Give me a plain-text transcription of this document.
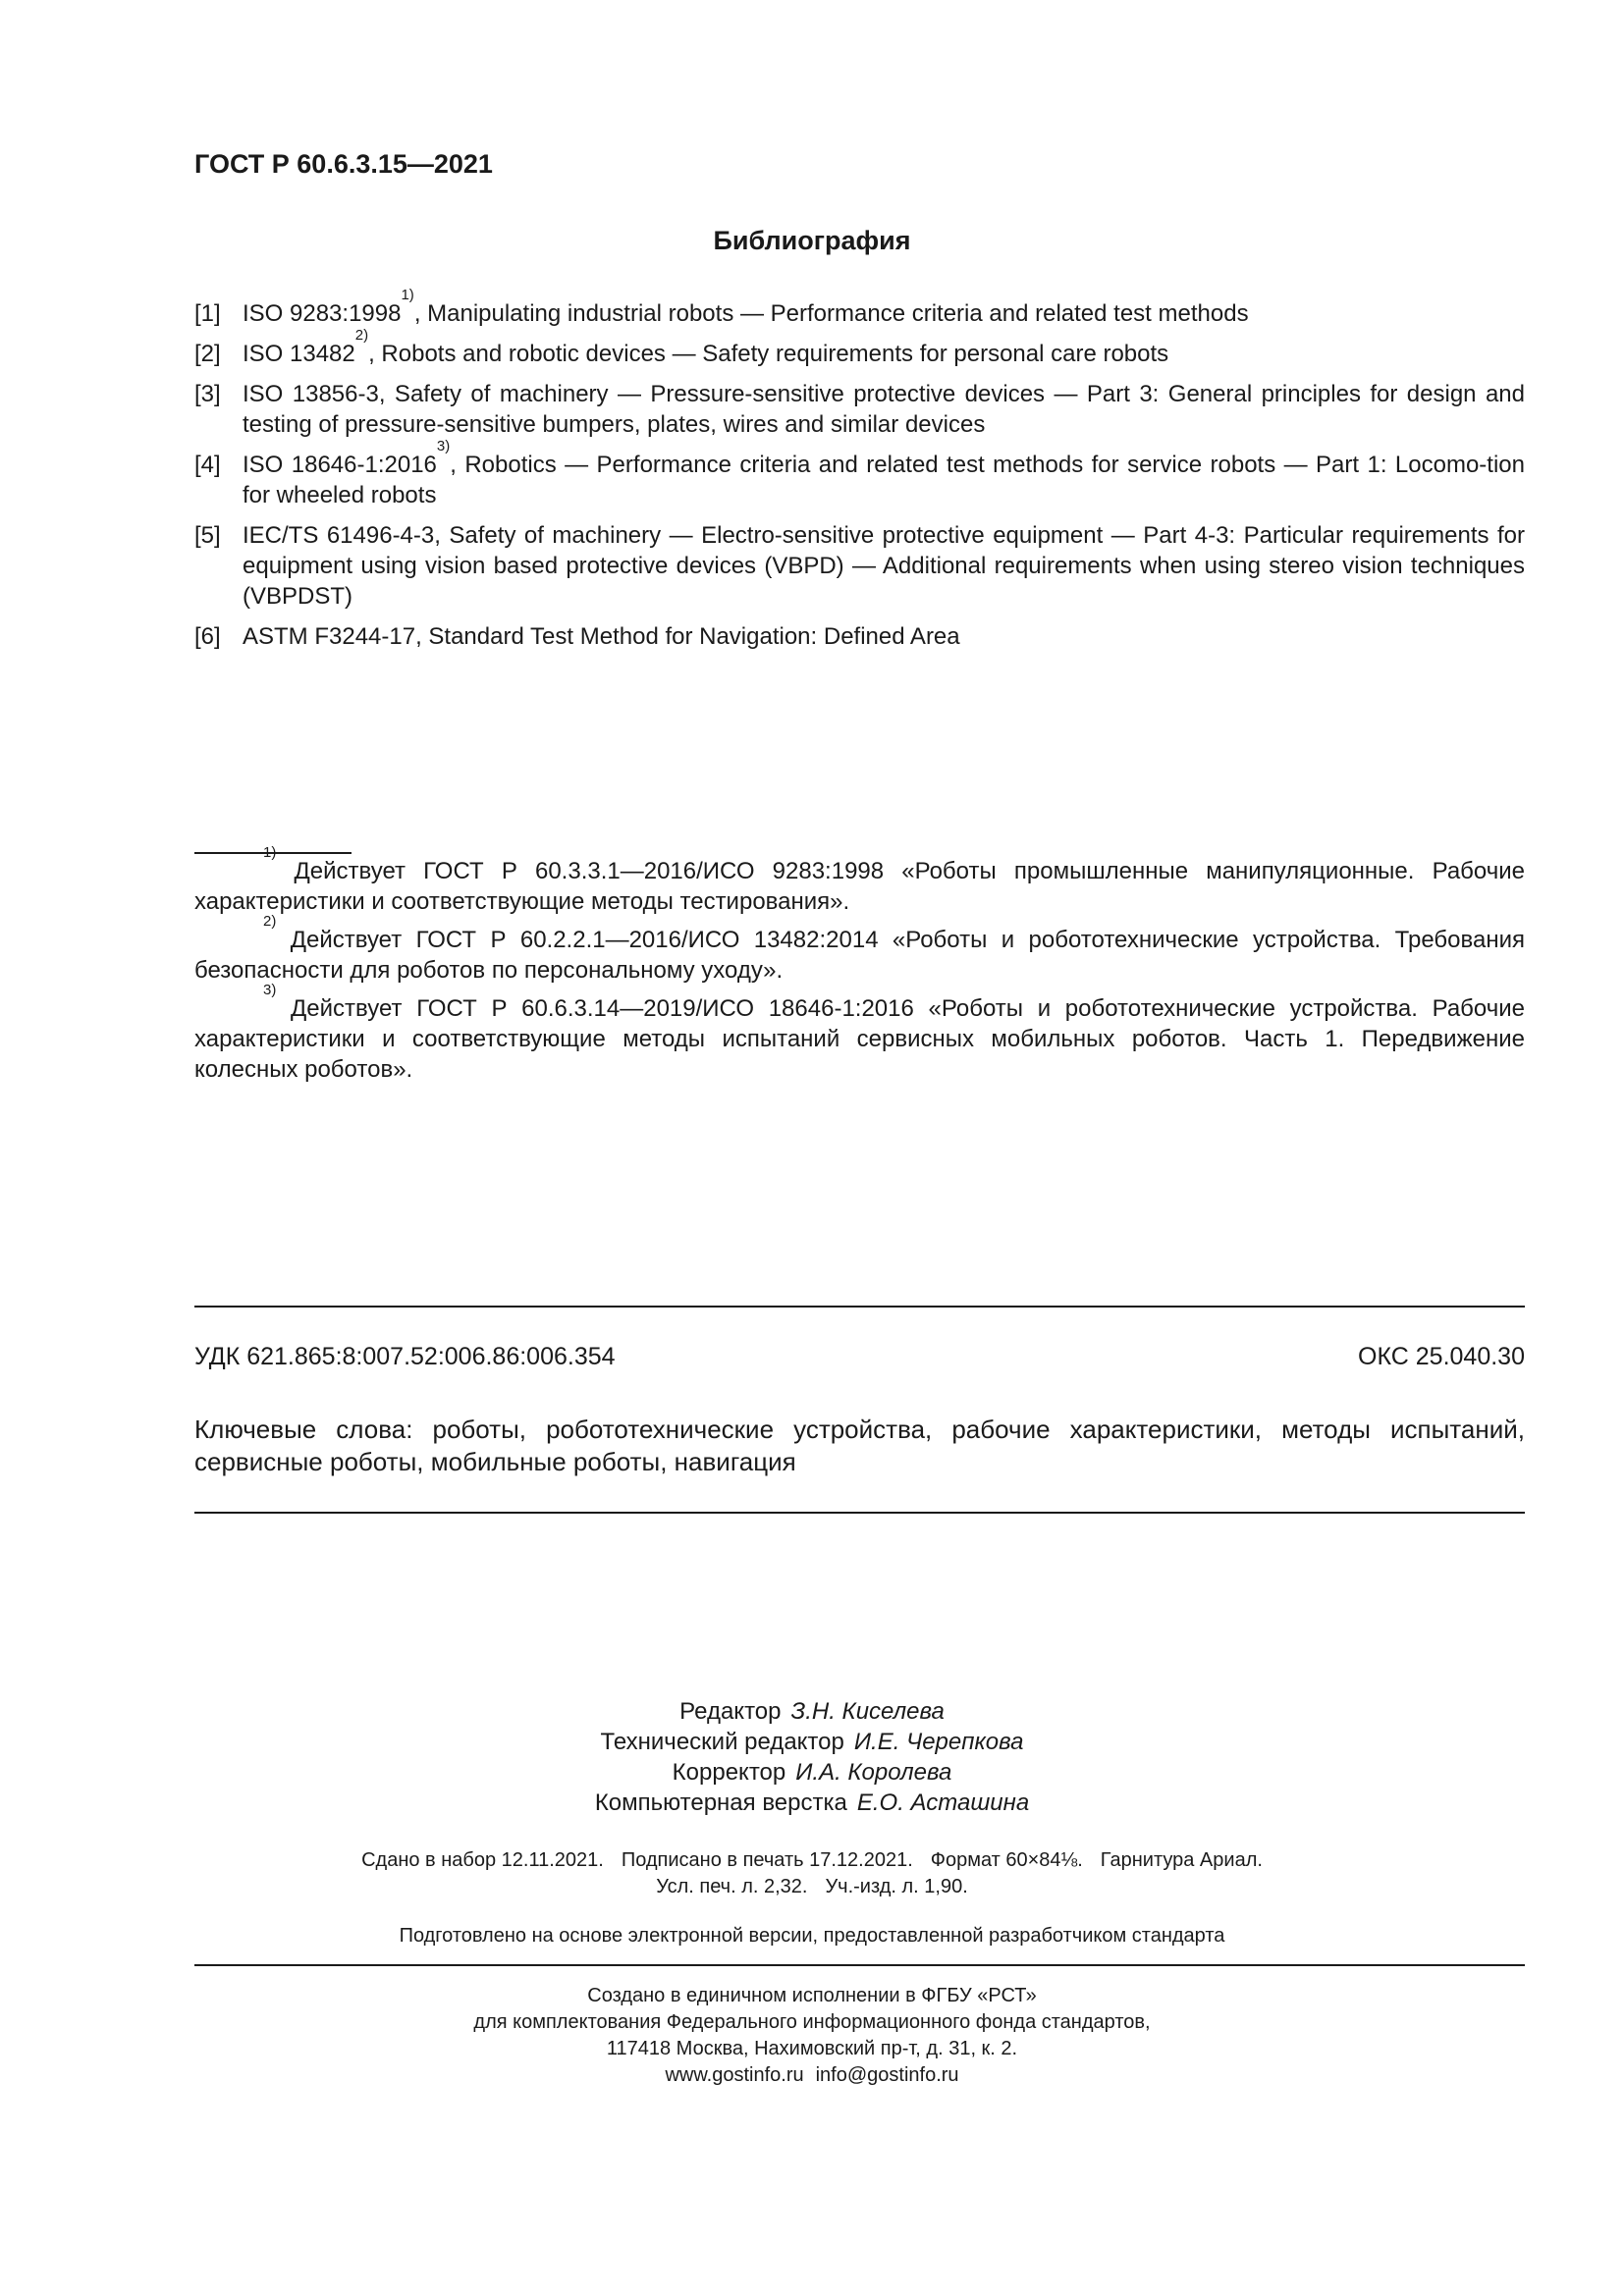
ГОСТ Р 60.6.3.15—2021
Библиография
[1] ISO 9283:1998$^{1)}$, Manipulating industrial robots — Performance criteria and related test methods
[2] ISO 13482$^{2)}$, Robots and robotic devices — Safety requirements for personal care robots
[3] ISO 13856-3, Safety of machinery — Pressure-sensitive protective devices — Part 3: General principles for design and testing of pressure-sensitive bumpers, plates, wires and similar devices
[4] ISO 18646-1:2016$^{3)}$, Robotics — Performance criteria and related test methods for service robots — Part 1: Locomo-tion for wheeled robots
[5] IEC/TS 61496-4-3, Safety of machinery — Electro-sensitive protective equipment — Part 4-3: Particular requirements for equipment using vision based protective devices (VBPD) — Additional requirements when using stereo vision techniques (VBPDST)
[6] ASTM F3244-17, Standard Test Method for Navigation: Defined Area
$^{1)}$ Действует ГОСТ Р 60.3.3.1—2016/ИСО 9283:1998 «Роботы промышленные манипуляционные. Рабочие характеристики и соответствующие методы тестирования».
$^{2)}$ Действует ГОСТ Р 60.2.2.1—2016/ИСО 13482:2014 «Роботы и робототехнические устройства. Требования безопасности для роботов по персональному уходу».
$^{3)}$ Действует ГОСТ Р 60.6.3.14—2019/ИСО 18646-1:2016 «Роботы и робототехнические устройства. Рабочие характеристики и соответствующие методы испытаний сервисных мобильных роботов. Часть 1. Передвижение колесных роботов».
УДК 621.865:8:007.52:006.86:006.354	ОКС 25.040.30
Ключевые слова: роботы, робототехнические устройства, рабочие характеристики, методы испытаний, сервисные роботы, мобильные роботы, навигация
Редактор З.Н. Киселева
Технический редактор И.Е. Черепкова
Корректор И.А. Королева
Компьютерная верстка Е.О. Асташина
Сдано в набор 12.11.2021. Подписано в печать 17.12.2021. Формат 60×84⅛. Гарнитура Ариал.
Усл. печ. л. 2,32. Уч.-изд. л. 1,90.
Подготовлено на основе электронной версии, предоставленной разработчиком стандарта
Создано в единичном исполнении в ФГБУ «РСТ»
для комплектования Федерального информационного фонда стандартов,
117418 Москва, Нахимовский пр-т, д. 31, к. 2.
www.gostinfo.ru info@gostinfo.ru
